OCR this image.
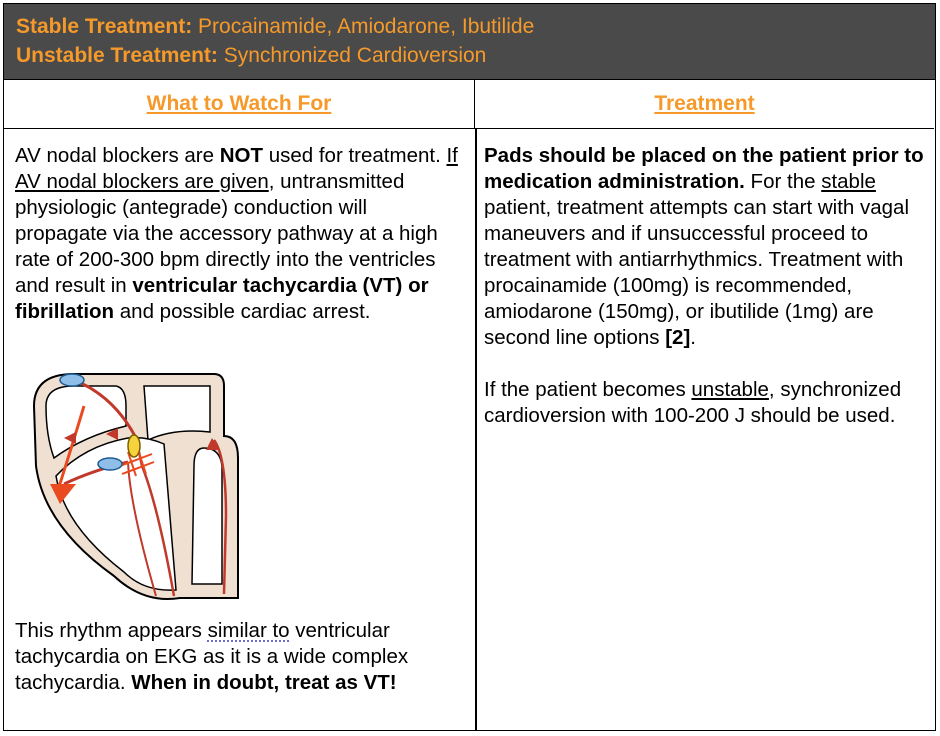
Stable Treatment: Procainamide, Amiodarone, Ibutilide
Unstable Treatment: Synchronized Cardioversion
What to Watch For	Treatment

AV nodal blockers are NOT used for treatment. If AV nodal blockers are given, untransmitted physiologic (antegrade) conduction will propagate via the accessory pathway at a high rate of 200-300 bpm directly into the ventricles and result in ventricular tachycardia (VT) or fibrillation and possible cardiac arrest.

This rhythm appears similar to ventricular tachycardia on EKG as it is a wide complex tachycardia. When in doubt, treat as VT!

Pads should be placed on the patient prior to medication administration. For the stable patient, treatment attempts can start with vagal maneuvers and if unsuccessful proceed to treatment with antiarrhythmics. Treatment with procainamide (100mg) is recommended, amiodarone (150mg), or ibutilide (1mg) are second line options [2].

If the patient becomes unstable, synchronized cardioversion with 100-200 J should be used.
